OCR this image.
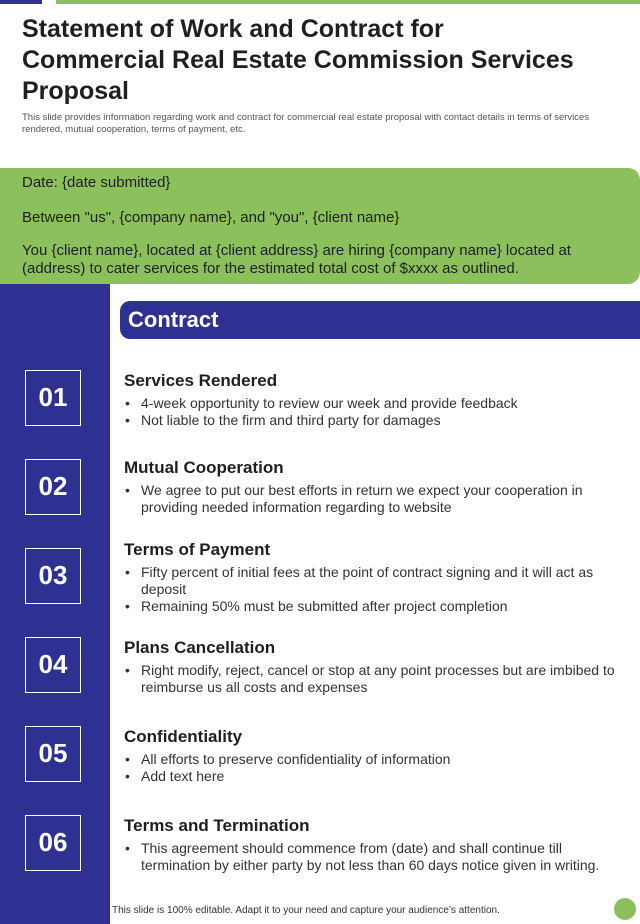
Statement of Work and Contract for Commercial Real Estate Commission Services Proposal

This slide provides information regarding work and contract for commercial real estate proposal with contact details in terms of services rendered, mutual cooperation, terms of payment, etc.

Date: {date submitted}

Between "us", {company name}, and "you", {client name}

You {client name}, located at {client address} are hiring {company name} located at (address) to cater services for the estimated total cost of $xxxx as outlined.

01
02
03
04
05
06
Contract
Services Rendered
• 4-week opportunity to review our week and provide feedback
• Not liable to the firm and third party for damages
Mutual Cooperation
• We agree to put our best efforts in return we expect your cooperation in providing needed information regarding to website
Terms of Payment
• Fifty percent of initial fees at the point of contract signing and it will act as deposit
• Remaining 50% must be submitted after project completion
Plans Cancellation
• Right modify, reject, cancel or stop at any point processes but are imbibed to reimburse us all costs and expenses
Confidentiality
• All efforts to preserve confidentiality of information
• Add text here
Terms and Termination
• This agreement should commence from (date) and shall continue till termination by either party by not less than 60 days notice given in writing.
This slide is 100% editable. Adapt it to your need and capture your audience’s attention.
